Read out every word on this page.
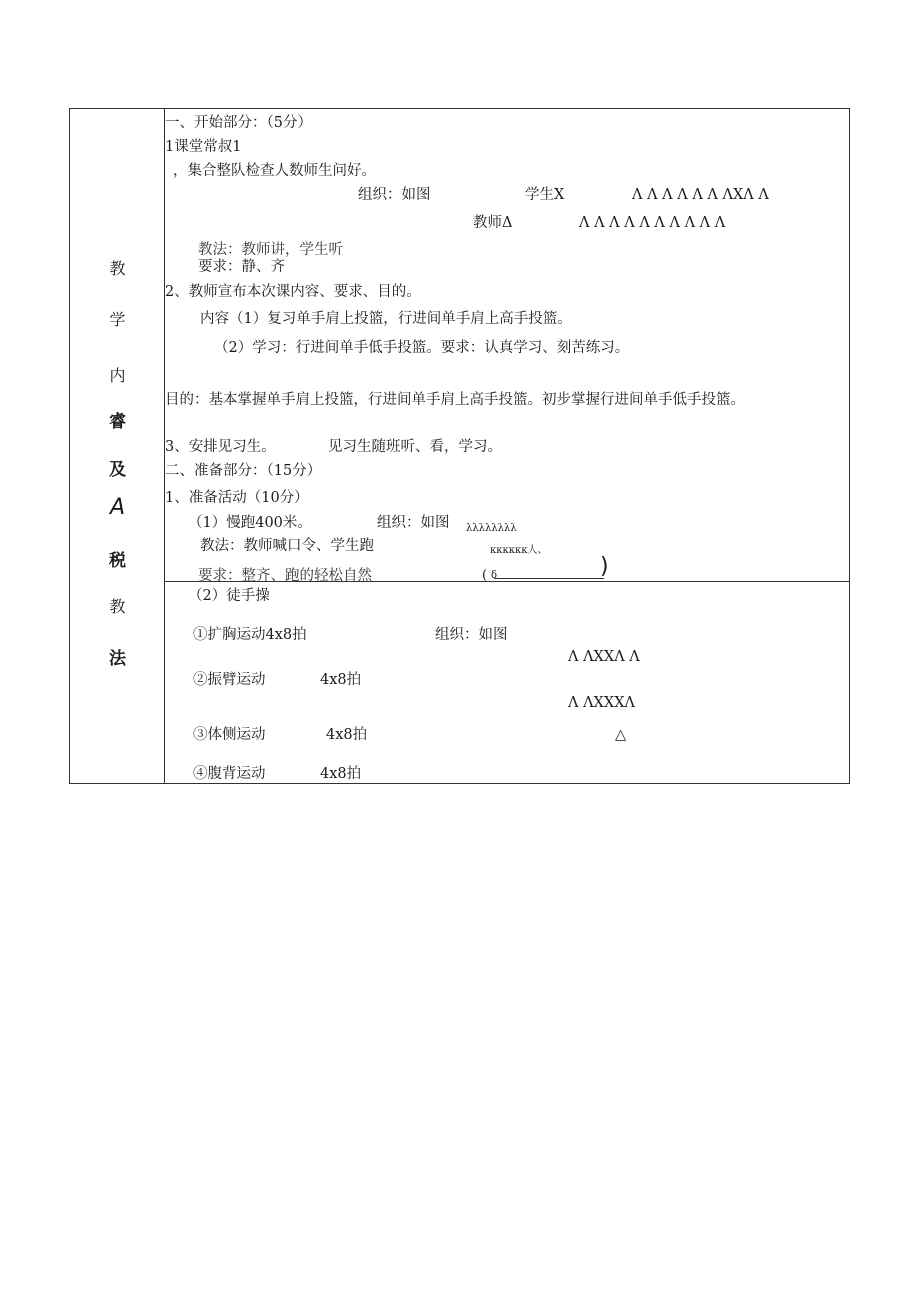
教
学
内
睿
及
A
税
教
法
一、开始部分：（5分）
1课堂常叔1
，集合整队检查人数师生问好。
组织：如图	学生X	Λ Λ Λ Λ Λ Λ ΛXΛ Λ
教师Δ	Λ Λ Λ Λ Λ Λ Λ Λ Λ Λ
教法：教师讲，学生听
要求：静、齐
2、教师宣布本次课内容、要求、目的。
内容（1）复习单手肩上投篮，行进间单手肩上高手投篮。
（2）学习：行进间单手低手投篮。要求：认真学习、刻苦练习。
目的：基本掌握单手肩上投篮，行进间单手肩上高手投篮。初步掌握行进间单手低手投篮。
3、安排见习生。	见习生随班听、看，学习。
二、准备部分：（15分）
1、准备活动（10分）
（1）慢跑400米。	组织：如图 λλλλλλλλ
教法：教师喊口令、学生跑	κκκκκκ人、
要求：整齐、跑的轻松自然	( δ	)
（2）徒手操
①扩胸运动4x8拍	组织：如图
Λ ΛXXΛ Λ
②振臂运动	4x8拍
Λ ΛXXXΛ
③体侧运动	4x8拍	△
④腹背运动	4x8拍
